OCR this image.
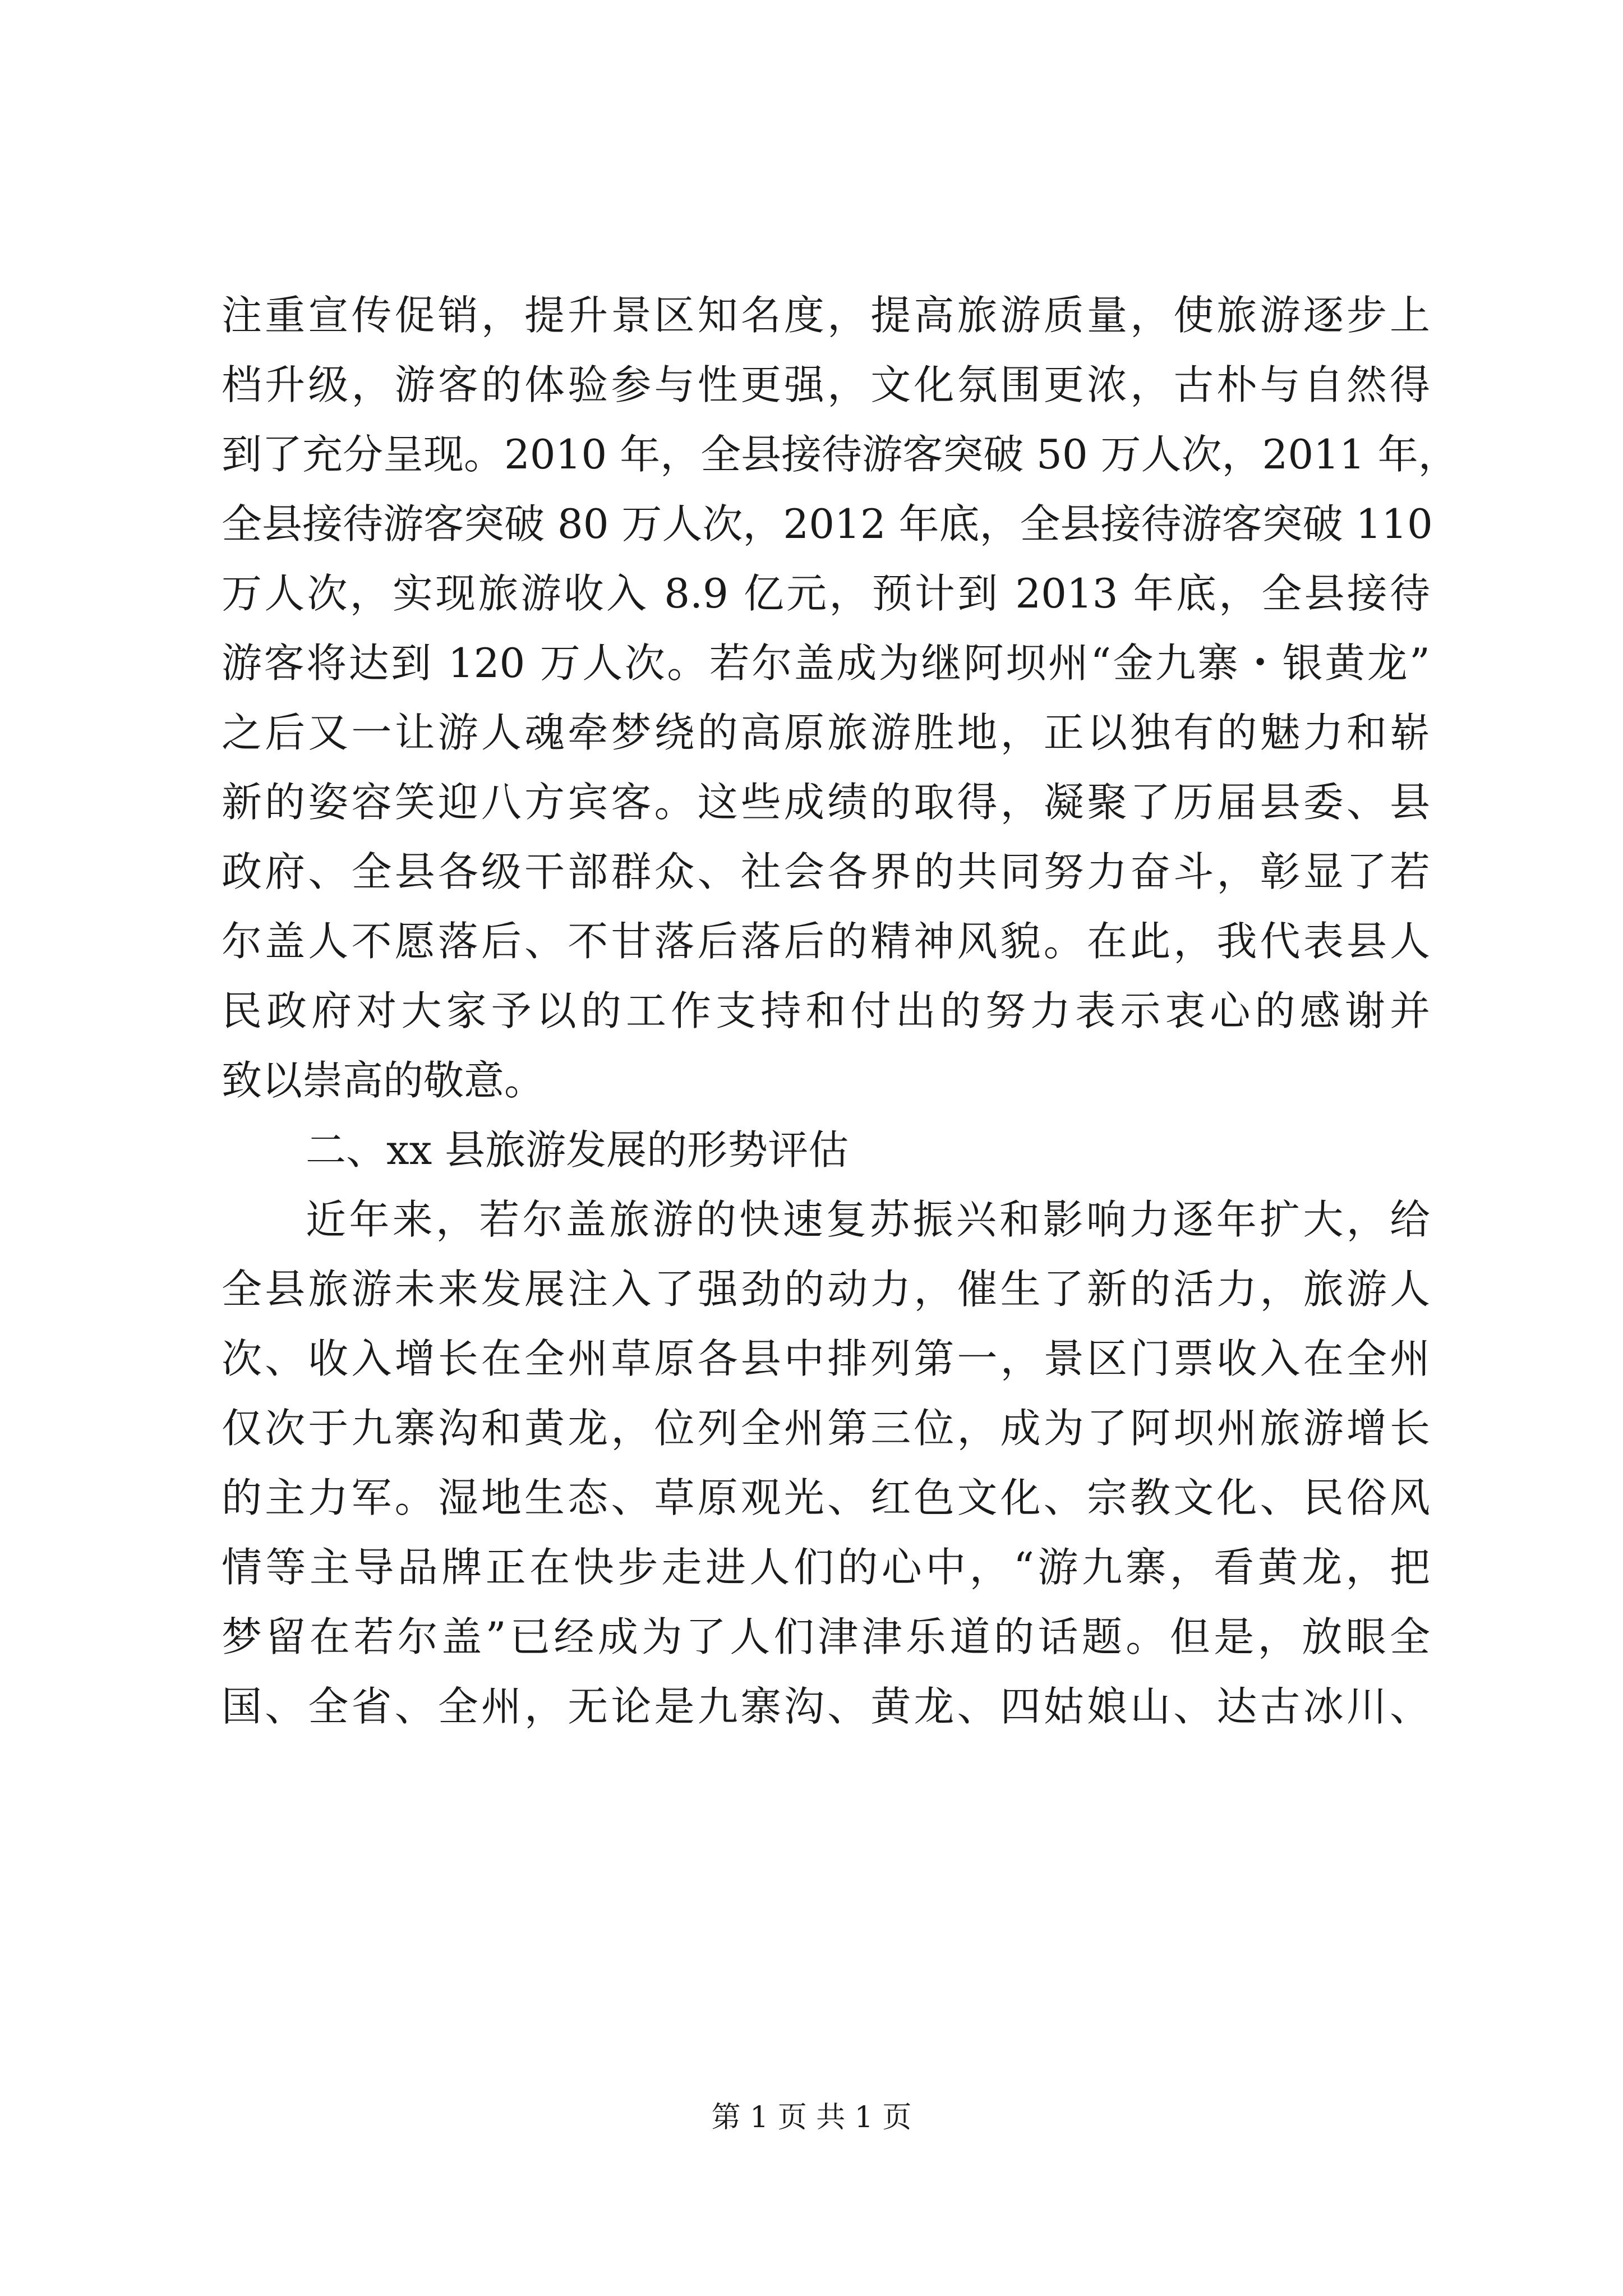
注重宣传促销，提升景区知名度，提高旅游质量，使旅游逐步上
档升级，游客的体验参与性更强，文化氛围更浓，古朴与自然得
到了充分呈现。2010 年，全县接待游客突破 50 万人次，2011 年，
全县接待游客突破 80 万人次，2012 年底，全县接待游客突破 110
万人次，实现旅游收入 8.9 亿元，预计到 2013 年底，全县接待
游客将达到 120 万人次。若尔盖成为继阿坝州“金九寨・银黄龙”
之后又一让游人魂牵梦绕的高原旅游胜地，正以独有的魅力和崭
新的姿容笑迎八方宾客。这些成绩的取得，凝聚了历届县委、县
政府、全县各级干部群众、社会各界的共同努力奋斗，彰显了若
尔盖人不愿落后、不甘落后落后的精神风貌。在此，我代表县人
民政府对大家予以的工作支持和付出的努力表示衷心的感谢并
致以崇高的敬意。
二、xx 县旅游发展的形势评估
近年来，若尔盖旅游的快速复苏振兴和影响力逐年扩大，给
全县旅游未来发展注入了强劲的动力，催生了新的活力，旅游人
次、收入增长在全州草原各县中排列第一，景区门票收入在全州
仅次于九寨沟和黄龙，位列全州第三位，成为了阿坝州旅游增长
的主力军。湿地生态、草原观光、红色文化、宗教文化、民俗风
情等主导品牌正在快步走进人们的心中，“游九寨，看黄龙，把
梦留在若尔盖”已经成为了人们津津乐道的话题。但是，放眼全
国、全省、全州，无论是九寨沟、黄龙、四姑娘山、达古冰川、
第 1 页 共 1 页
